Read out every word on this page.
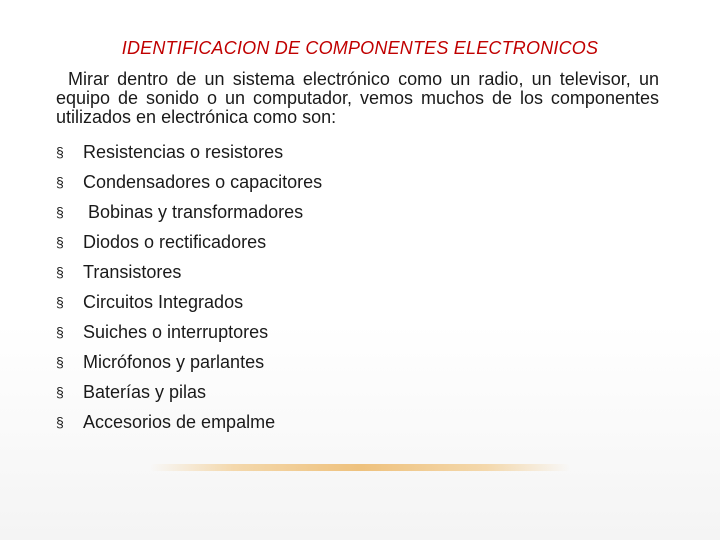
IDENTIFICACION DE COMPONENTES ELECTRONICOS
Mirar dentro de un sistema electrónico como un radio, un televisor, un equipo de sonido o un computador, vemos muchos de los componentes utilizados en electrónica como son:
§	Resistencias o resistores
§	Condensadores o capacitores
§	Bobinas y transformadores
§	Diodos o rectificadores
§	Transistores
§	Circuitos Integrados
§	Suiches o interruptores
§	Micrófonos y parlantes
§	Baterías y pilas
§	Accesorios de empalme
